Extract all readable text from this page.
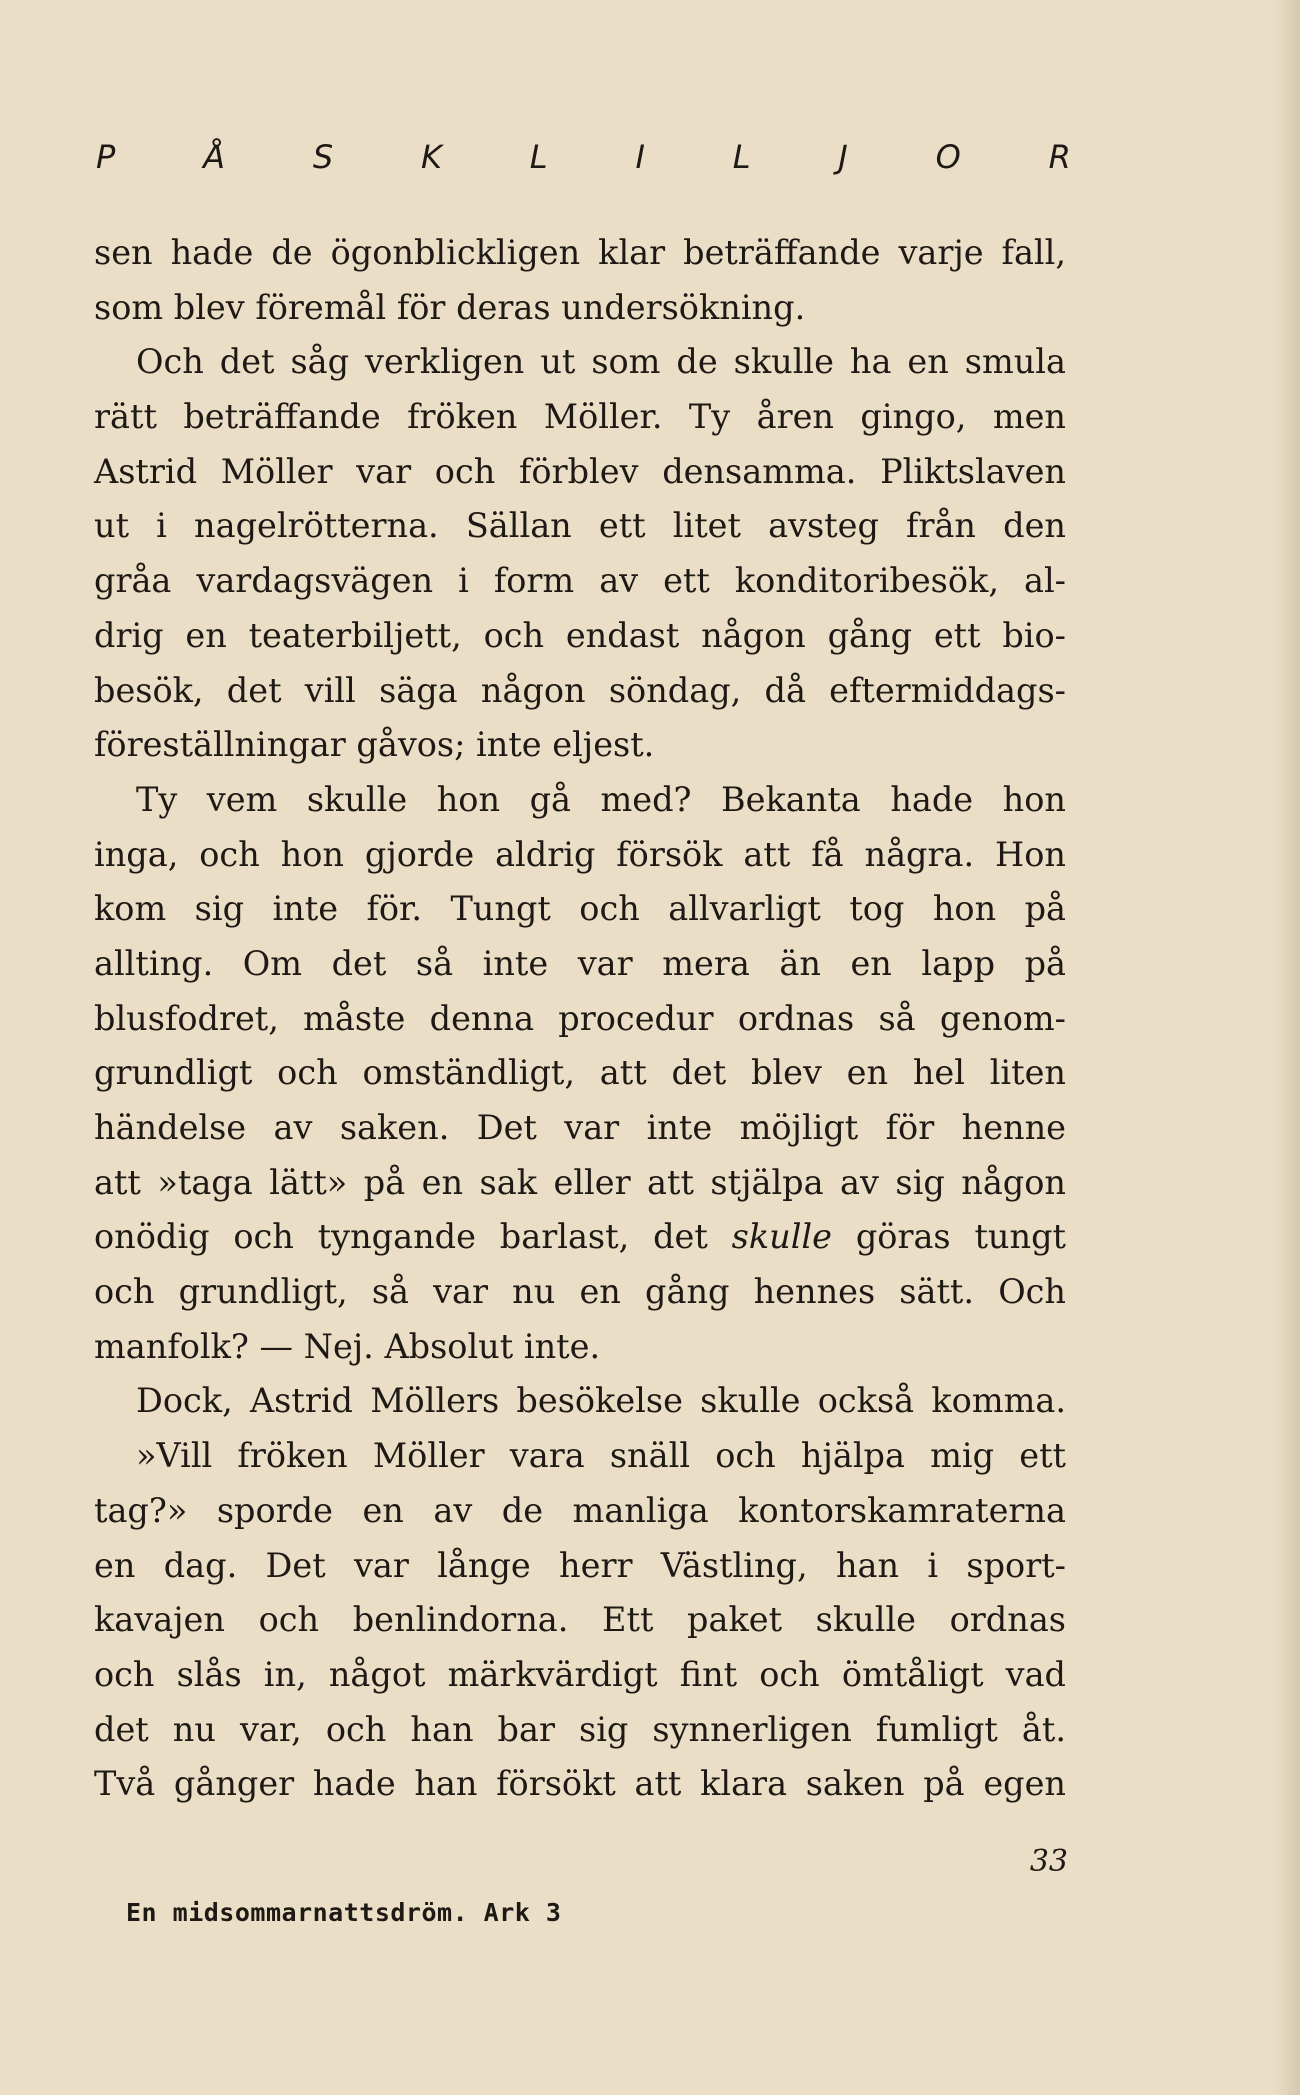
P	Å	S	K	L	I	L	J	O	R
sen hade de ögonblickligen klar beträffande varje fall,
som blev föremål för deras undersökning.
Och det såg verkligen ut som de skulle ha en smula
rätt beträffande fröken Möller. Ty åren gingo, men
Astrid Möller var och förblev densamma. Pliktslaven
ut i nagelrötterna. Sällan ett litet avsteg från den
gråa vardagsvägen i form av ett konditoribesök, al-
drig en teaterbiljett, och endast någon gång ett bio-
besök, det vill säga någon söndag, då eftermiddags-
föreställningar gåvos; inte eljest.
Ty vem skulle hon gå med? Bekanta hade hon
inga, och hon gjorde aldrig försök att få några. Hon
kom sig inte för. Tungt och allvarligt tog hon på
allting. Om det så inte var mera än en lapp på
blusfodret, måste denna procedur ordnas så genom-
grundligt och omständligt, att det blev en hel liten
händelse av saken. Det var inte möjligt för henne
att »taga lätt» på en sak eller att stjälpa av sig någon
onödig och tyngande barlast, det skulle göras tungt
och grundligt, så var nu en gång hennes sätt. Och
manfolk? — Nej. Absolut inte.
Dock, Astrid Möllers besökelse skulle också komma.
»Vill fröken Möller vara snäll och hjälpa mig ett
tag?» sporde en av de manliga kontorskamraterna
en dag. Det var långe herr Västling, han i sport-
kavajen och benlindorna. Ett paket skulle ordnas
och slås in, något märkvärdigt fint och ömtåligt vad
det nu var, och han bar sig synnerligen fumligt åt.
Två gånger hade han försökt att klara saken på egen
33
En midsommarnattsdröm. Ark 3
